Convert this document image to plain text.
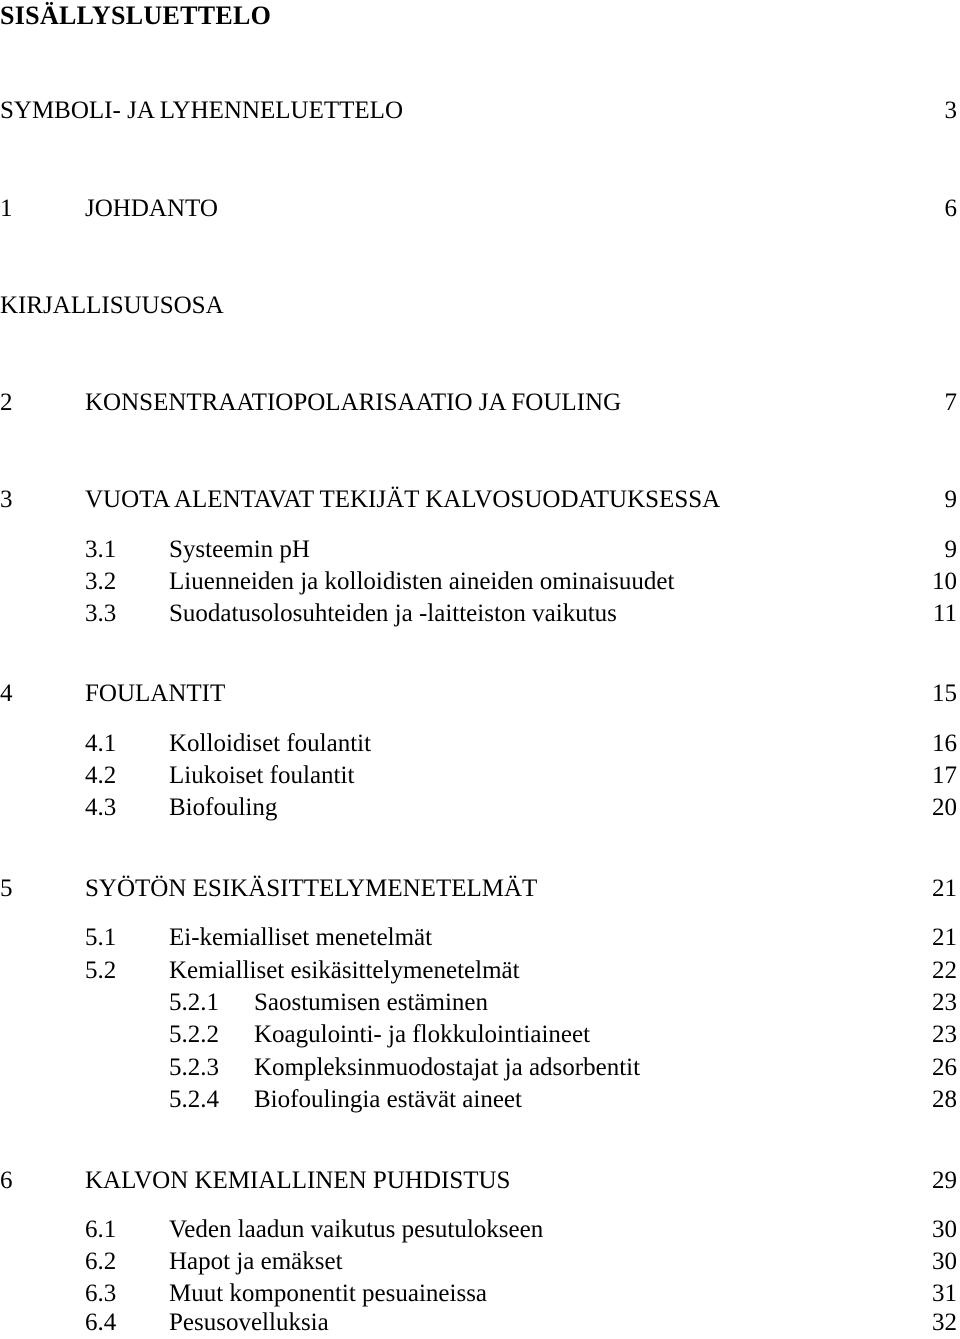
SISÄLLYSLUETTELO
SYMBOLI- JA LYHENNELUETTELO	3
1	JOHDANTO	6
KIRJALLISUUSOSA
2	KONSENTRAATIOPOLARISAATIO JA FOULING	7
3	VUOTA ALENTAVAT TEKIJÄT KALVOSUODATUKSESSA	9
3.1 Systeemin pH	9
3.2 Liuenneiden ja kolloidisten aineiden ominaisuudet	10
3.3 Suodatusolosuhteiden ja -laitteiston vaikutus	11
4	FOULANTIT	15
4.1 Kolloidiset foulantit	16
4.2 Liukoiset foulantit	17
4.3 Biofouling	20
5	SYÖTÖN ESIKÄSITTELYMENETELMÄT	21
5.1 Ei-kemialliset menetelmät	21
5.2 Kemialliset esikäsittelymenetelmät	22
5.2.1 Saostumisen estäminen	23
5.2.2 Koagulointi- ja flokkulointiaineet	23
5.2.3 Kompleksinmuodostajat ja adsorbentit	26
5.2.4 Biofoulingia estävät aineet	28
6	KALVON KEMIALLINEN PUHDISTUS	29
6.1 Veden laadun vaikutus pesutulokseen	30
6.2 Hapot ja emäkset	30
6.3 Muut komponentit pesuaineissa	31
6.4 Pesusovelluksia	32
